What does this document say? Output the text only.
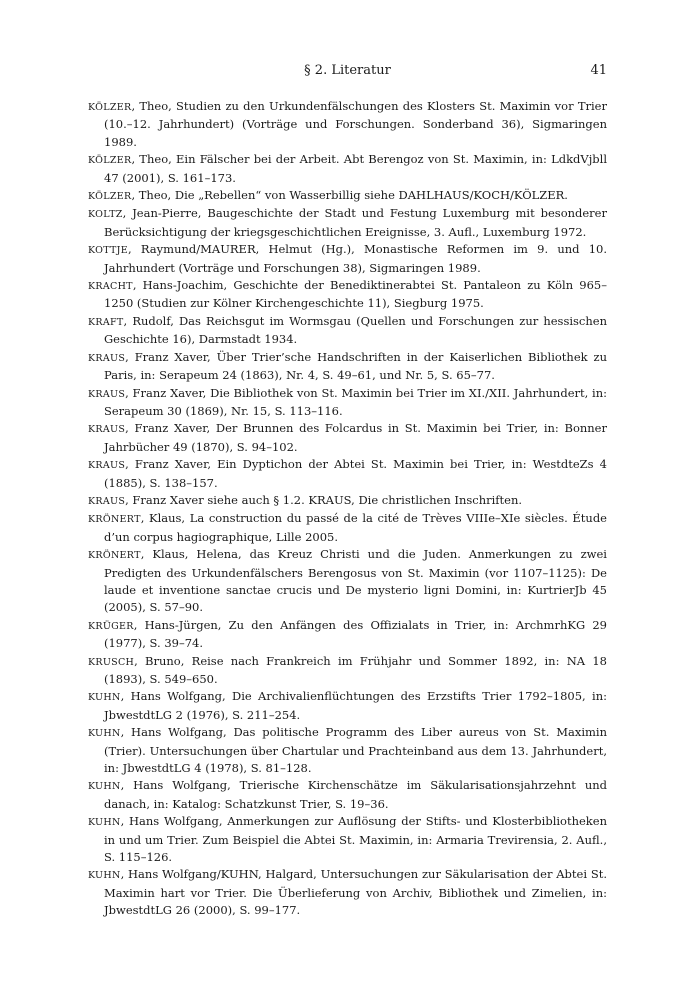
§ 2. Literatur	41

KÖLZER, Theo, Studien zu den Urkundenfälschungen des Klosters St. Maximin vor Trier (10.–12. Jahrhundert) (Vorträge und Forschungen. Sonderband 36), Sigmaringen 1989.

KÖLZER, Theo, Ein Fälscher bei der Arbeit. Abt Berengoz von St. Maximin, in: LdkdVjbll 47 (2001), S. 161–173.

KÖLZER, Theo, Die „Rebellen“ von Wasserbillig siehe DAHLHAUS/KOCH/KÖLZER.

KOLTZ, Jean-Pierre, Baugeschichte der Stadt und Festung Luxemburg mit besonderer Berücksichtigung der kriegsgeschichtlichen Ereignisse, 3. Aufl., Luxemburg 1972.

KOTTJE, Raymund/MAURER, Helmut (Hg.), Monastische Reformen im 9. und 10. Jahrhundert (Vorträge und Forschungen 38), Sigmaringen 1989.

KRACHT, Hans-Joachim, Geschichte der Benediktinerabtei St. Pantaleon zu Köln 965–1250 (Studien zur Kölner Kirchengeschichte 11), Siegburg 1975.

KRAFT, Rudolf, Das Reichsgut im Wormsgau (Quellen und Forschungen zur hessischen Geschichte 16), Darmstadt 1934.

KRAUS, Franz Xaver, Über Trier’sche Handschriften in der Kaiserlichen Bibliothek zu Paris, in: Serapeum 24 (1863), Nr. 4, S. 49–61, und Nr. 5, S. 65–77.

KRAUS, Franz Xaver, Die Bibliothek von St. Maximin bei Trier im XI./XII. Jahrhundert, in: Serapeum 30 (1869), Nr. 15, S. 113–116.

KRAUS, Franz Xaver, Der Brunnen des Folcardus in St. Maximin bei Trier, in: Bonner Jahrbücher 49 (1870), S. 94–102.

KRAUS, Franz Xaver, Ein Dyptichon der Abtei St. Maximin bei Trier, in: WestdteZs 4 (1885), S. 138–157.

KRAUS, Franz Xaver siehe auch § 1.2. KRAUS, Die christlichen Inschriften.

KRÖNERT, Klaus, La construction du passé de la cité de Trèves VIIIe–XIe siècles. Étude d’un corpus hagiographique, Lille 2005.

KRÖNERT, Klaus, Helena, das Kreuz Christi und die Juden. Anmerkungen zu zwei Predigten des Urkundenfälschers Berengosus von St. Maximin (vor 1107–1125): De laude et inventione sanctae crucis und De mysterio ligni Domini, in: KurtrierJb 45 (2005), S. 57–90.

KRÜGER, Hans-Jürgen, Zu den Anfängen des Offizialats in Trier, in: ArchmrhKG 29 (1977), S. 39–74.

KRUSCH, Bruno, Reise nach Frankreich im Frühjahr und Sommer 1892, in: NA 18 (1893), S. 549–650.

KUHN, Hans Wolfgang, Die Archivalienflüchtungen des Erzstifts Trier 1792–1805, in: JbwestdtLG 2 (1976), S. 211–254.

KUHN, Hans Wolfgang, Das politische Programm des Liber aureus von St. Maximin (Trier). Untersuchungen über Chartular und Prachteinband aus dem 13. Jahrhundert, in: JbwestdtLG 4 (1978), S. 81–128.

KUHN, Hans Wolfgang, Trierische Kirchenschätze im Säkularisationsjahrzehnt und danach, in: Katalog: Schatzkunst Trier, S. 19–36.

KUHN, Hans Wolfgang, Anmerkungen zur Auflösung der Stifts- und Klosterbibliotheken in und um Trier. Zum Beispiel die Abtei St. Maximin, in: Armaria Trevirensia, 2. Aufl., S. 115–126.

KUHN, Hans Wolfgang/KUHN, Halgard, Untersuchungen zur Säkularisation der Abtei St. Maximin hart vor Trier. Die Überlieferung von Archiv, Bibliothek und Zimelien, in: JbwestdtLG 26 (2000), S. 99–177.
